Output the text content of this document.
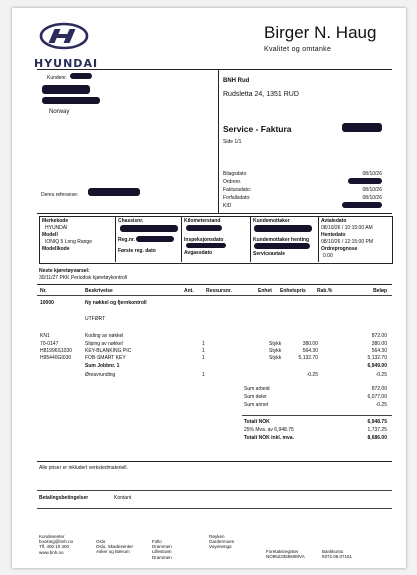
HYUNDAI
Birger N. Haug
Kvalitet og omtanke
Kundenr.
Norway
BNH Rud
Rudsletta 24, 1351 RUD
Service - Faktura
Side 1/1
Bilagsdato	08/10/26
Ordrenr.
Fakturadato:	08/10/26
Forfallsdato:	08/10/26
KID
Deres referanse:
Merkekode
HYUNDAI
Modell
IONIQ 5 Long Range
Modellkode
Chassisnr.
Reg.nr.
Første reg. dato
Kilometerstand
Inspeksjonsdato
Avgassdato
Kundemottaker
Kundemottaker henting
Serviceavtale
Avtaledato
08/10/26 / 10:15:00 AM
Hentedato
08/10/26 / 12:15:00 PM
Ordreprognose
0.00
Neste kjøretøyvarsel:
30/11/27 PKK Periodisk kjøretøykontroll
Nr.	Beskrivelse	Ant. Ressursnr.	Enhet Enhetspris Rab.%	Beløp
10000	Ny nøkkel og fjernkontroll
UTFØRT
KN1	Koding av nøkkel	872.00
70-0147	Sliping av nøkkel	1	Stykk	380.00	380.00
H81996S1030	KEY-BLANKING PIC	1	Stykk	564.30	564.30
H95440GI030	FOB-SMART KEY	1	Stykk	5,132.70	5,132.70
Sum Jobbnr. 1	6,949.00
Øreavrunding	1	-0.25	-0.25
Sum arbeid	872.00
Sum deler	6,077.00
Sum annet	-0.25
Totalt NOK	6,948.75
25% Mva. av 6,948.75	1,737.25
Totalt NOK inkl. mva.	8,686.00
Alle priser er inkludert verkstedmateriell.
Betalingsbetingelser	Kontant
Kundesenter
booking@bnh.no
Tlf. 400 10 400
www.bnh.no
Oslo
Oslo, Skadesenter
Asker og Bærum
Follo
Drammen
Lillestrøm
Drammen
Røyken
Gardermoen
Voyenenga
Foretaksregister
NO952335860MVA
Bankkonto
9372.05.07151
